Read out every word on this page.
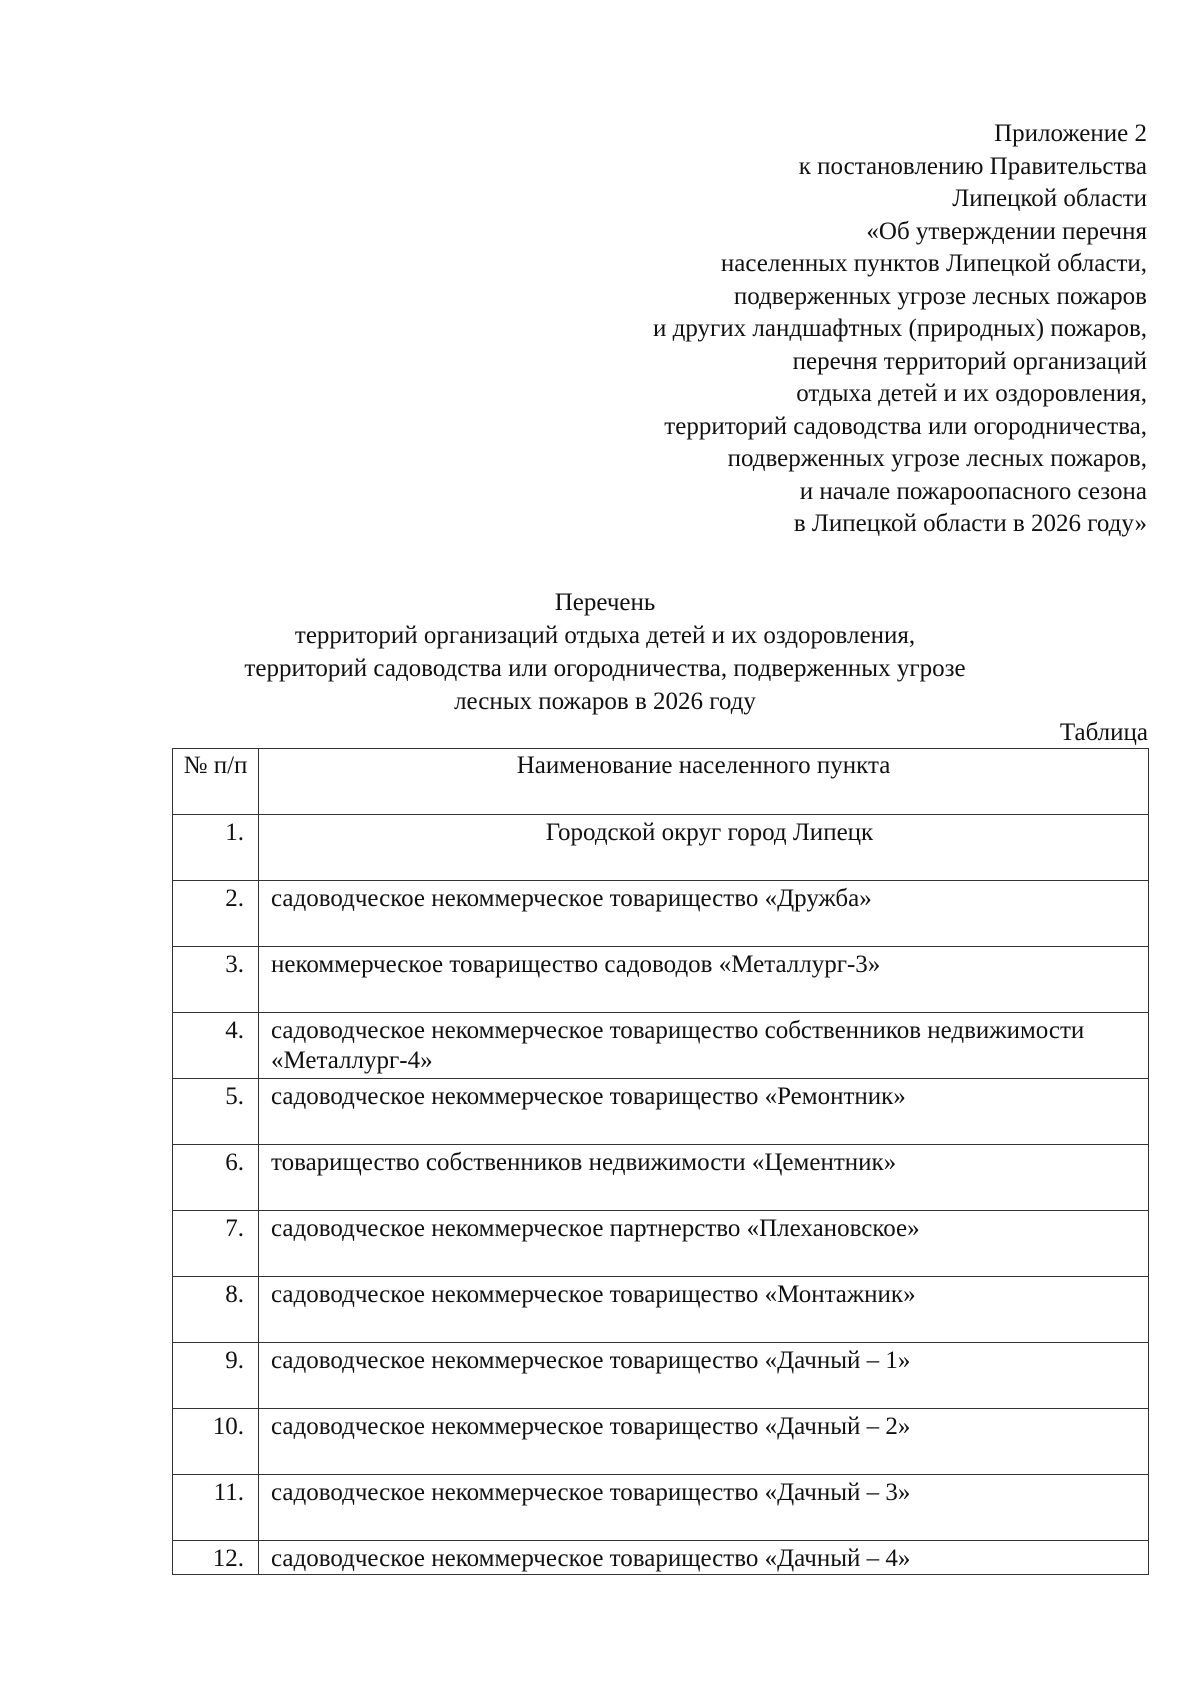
Приложение 2
к постановлению Правительства
Липецкой области
«Об утверждении перечня
населенных пунктов Липецкой области,
подверженных угрозе лесных пожаров
и других ландшафтных (природных) пожаров,
перечня территорий организаций
отдыха детей и их оздоровления,
территорий садоводства или огородничества,
подверженных угрозе лесных пожаров,
и начале пожароопасного сезона
в Липецкой области в 2026 году»
Перечень
территорий организаций отдыха детей и их оздоровления,
территорий садоводства или огородничества, подверженных угрозе
лесных пожаров в 2026 году
Таблица
№ п/п	Наименование населенного пункта
1.	Городской округ город Липецк
2.	садоводческое некоммерческое товарищество «Дружба»
3.	некоммерческое товарищество садоводов «Металлург-3»
4.	садоводческое некоммерческое товарищество собственников недвижимости «Металлург-4»
5.	садоводческое некоммерческое товарищество «Ремонтник»
6.	товарищество собственников недвижимости «Цементник»
7.	садоводческое некоммерческое партнерство «Плехановское»
8.	садоводческое некоммерческое товарищество «Монтажник»
9.	садоводческое некоммерческое товарищество «Дачный – 1»
10.	садоводческое некоммерческое товарищество «Дачный – 2»
11.	садоводческое некоммерческое товарищество «Дачный – 3»
12.	садоводческое некоммерческое товарищество «Дачный – 4»
